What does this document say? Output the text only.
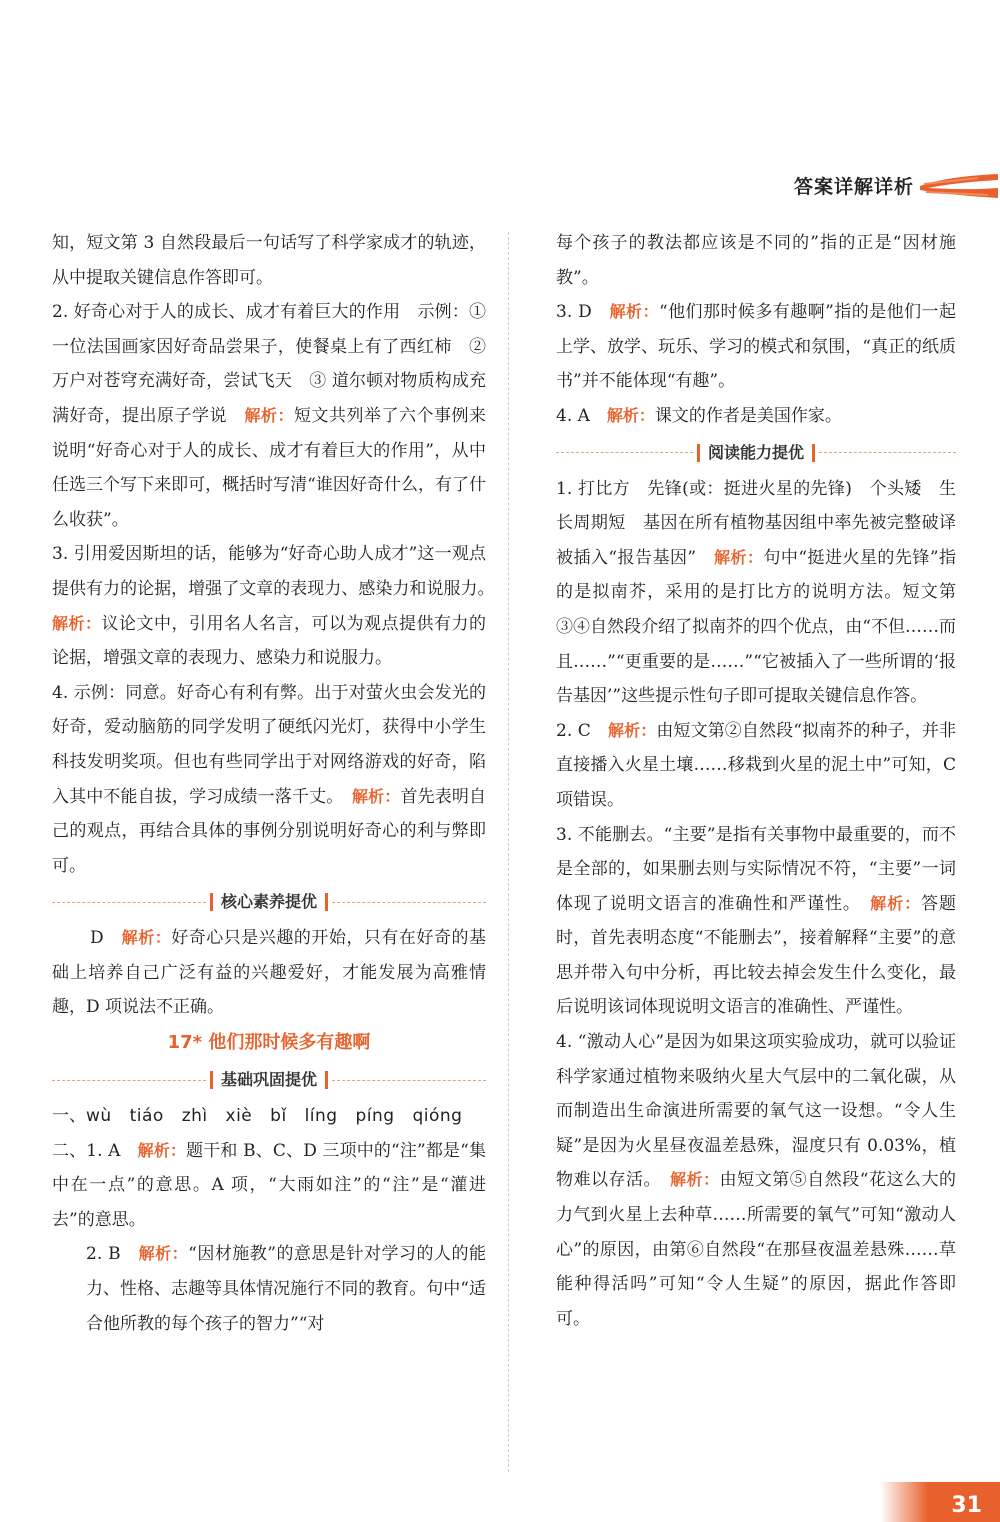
答案详解详析

知，短文第 3 自然段最后一句话写了科学家成才的轨迹，从中提取关键信息作答即可。

2. 好奇心对于人的成长、成才有着巨大的作用　示例：① 一位法国画家因好奇品尝果子，使餐桌上有了西红柿　② 万户对苍穹充满好奇，尝试飞天　③ 道尔顿对物质构成充满好奇，提出原子学说　 解析：短文共列举了六个事例来说明“好奇心对于人的成长、成才有着巨大的作用”，从中任选三个写下来即可，概括时写清“谁因好奇什么，有了什么收获”。

3. 引用爱因斯坦的话，能够为“好奇心助人成才”这一观点提供有力的论据，增强了文章的表现力、感染力和说服力。　解析：议论文中，引用名人名言，可以为观点提供有力的论据，增强文章的表现力、感染力和说服力。

4. 示例：同意。好奇心有利有弊。出于对萤火虫会发光的好奇，爱动脑筋的同学发明了硬纸闪光灯，获得中小学生科技发明奖项。但也有些同学出于对网络游戏的好奇，陷入其中不能自拔，学习成绩一落千丈。　 解析：首先表明自己的观点，再结合具体的事例分别说明好奇心的利与弊即可。

核心素养提优

D　 解析：好奇心只是兴趣的开始，只有在好奇的基础上培养自己广泛有益的兴趣爱好，才能发展为高雅情趣，D 项说法不正确。

17* 他们那时候多有趣啊
基础巩固提优

一、wù tiáo zhì xiè bǐ líng píng qióng

二、1. A　 解析：题干和 B、C、D 三项中的“注”都是“集中在一点”的意思。A 项，“大雨如注”的“注”是“灌进去”的意思。

2. B　 解析：“因材施教”的意思是针对学习的人的能力、性格、志趣等具体情况施行不同的教育。句中“适合他所教的每个孩子的智力”“对

每个孩子的教法都应该是不同的”指的正是“因材施教”。

3. D　 解析：“他们那时候多有趣啊”指的是他们一起上学、放学、玩乐、学习的模式和氛围，“真正的纸质书”并不能体现“有趣”。

4. A　 解析：课文的作者是美国作家。

阅读能力提优

1. 打比方　先锋(或：挺进火星的先锋)　个头矮　生长周期短　基因在所有植物基因组中率先被完整破译　被插入“报告基因”　 解析：句中“挺进火星的先锋”指的是拟南芥，采用的是打比方的说明方法。短文第③④自然段介绍了拟南芥的四个优点，由“不但……而且……”“更重要的是……”“它被插入了一些所谓的‘报告基因’”这些提示性句子即可提取关键信息作答。

2. C　 解析：由短文第②自然段“拟南芥的种子，并非直接播入火星土壤……移栽到火星的泥土中”可知，C 项错误。

3. 不能删去。“主要”是指有关事物中最重要的，而不是全部的，如果删去则与实际情况不符，“主要”一词体现了说明文语言的准确性和严谨性。　 解析：答题时，首先表明态度“不能删去”，接着解释“主要”的意思并带入句中分析，再比较去掉会发生什么变化，最后说明该词体现说明文语言的准确性、严谨性。

4. “激动人心”是因为如果这项实验成功，就可以验证科学家通过植物来吸纳火星大气层中的二氧化碳，从而制造出生命演进所需要的氧气这一设想。“令人生疑”是因为火星昼夜温差悬殊，湿度只有 0.03%，植物难以存活。　 解析：由短文第⑤自然段“花这么大的力气到火星上去种草……所需要的氧气”可知“激动人心”的原因，由第⑥自然段“在那昼夜温差悬殊……草能种得活吗”可知“令人生疑”的原因，据此作答即可。

31
